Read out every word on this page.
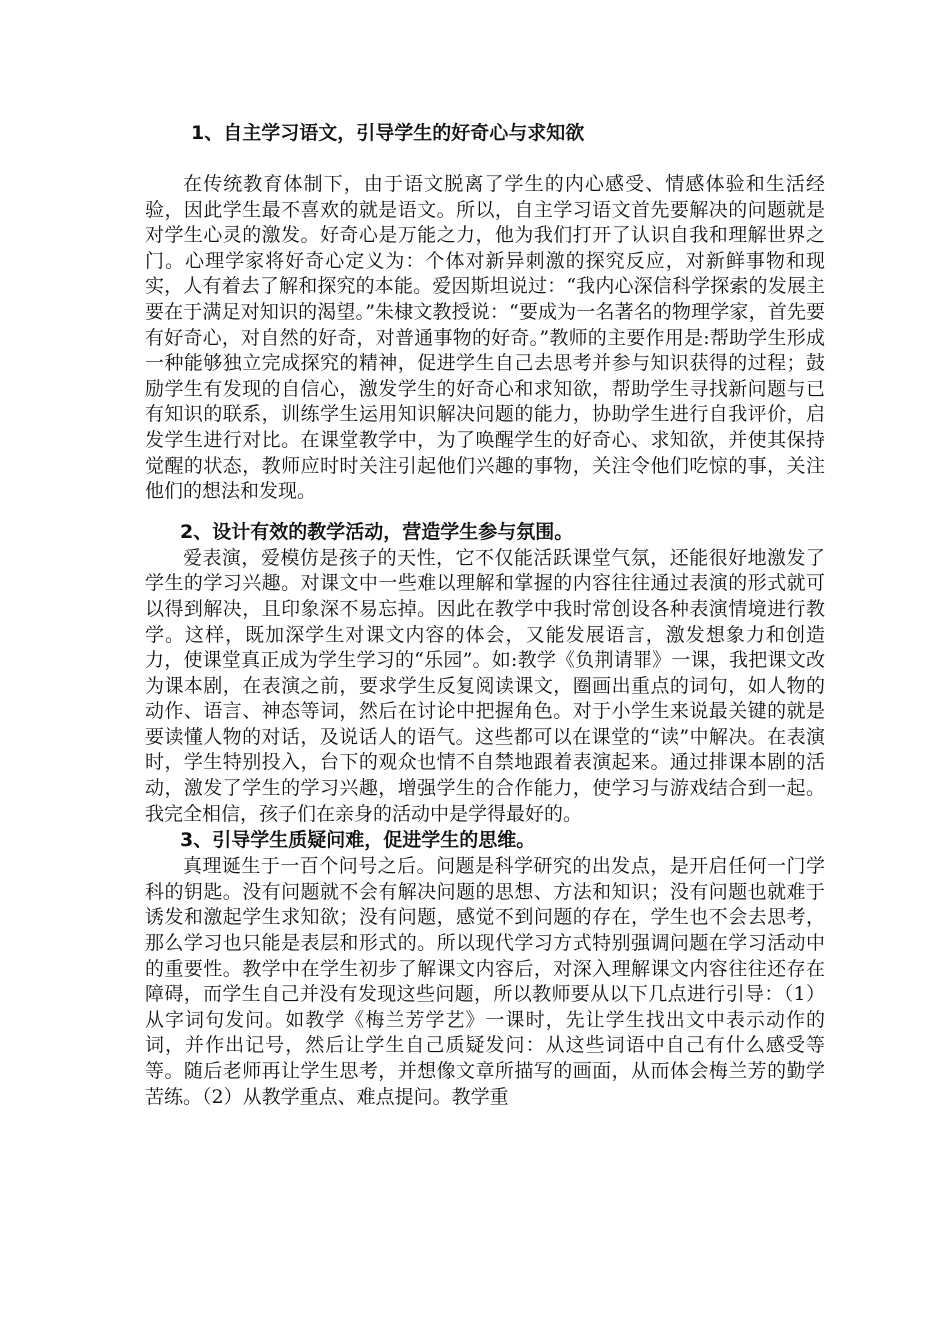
1、自主学习语文，引导学生的好奇心与求知欲

在传统教育体制下，由于语文脱离了学生的内心感受、情感体验和生活经验，因此学生最不喜欢的就是语文。所以，自主学习语文首先要解决的问题就是对学生心灵的激发。好奇心是万能之力，他为我们打开了认识自我和理解世界之门。心理学家将好奇心定义为：个体对新异刺激的探究反应，对新鲜事物和现实，人有着去了解和探究的本能。爱因斯坦说过：“我内心深信科学探索的发展主要在于满足对知识的渴望。”朱棣文教授说：“要成为一名著名的物理学家，首先要有好奇心，对自然的好奇，对普通事物的好奇。”教师的主要作用是:帮助学生形成一种能够独立完成探究的精神，促进学生自己去思考并参与知识获得的过程；鼓励学生有发现的自信心，激发学生的好奇心和求知欲，帮助学生寻找新问题与已有知识的联系，训练学生运用知识解决问题的能力，协助学生进行自我评价，启发学生进行对比。在课堂教学中，为了唤醒学生的好奇心、求知欲，并使其保持觉醒的状态，教师应时时关注引起他们兴趣的事物，关注令他们吃惊的事，关注他们的想法和发现。

2、设计有效的教学活动，营造学生参与氛围。

爱表演，爱模仿是孩子的天性，它不仅能活跃课堂气氛，还能很好地激发了学生的学习兴趣。对课文中一些难以理解和掌握的内容往往通过表演的形式就可以得到解决，且印象深不易忘掉。因此在教学中我时常创设各种表演情境进行教学。这样，既加深学生对课文内容的体会，又能发展语言，激发想象力和创造力，使课堂真正成为学生学习的“乐园”。如:教学《负荆请罪》一课，我把课文改为课本剧，在表演之前，要求学生反复阅读课文，圈画出重点的词句，如人物的动作、语言、神态等词，然后在讨论中把握角色。对于小学生来说最关键的就是要读懂人物的对话，及说话人的语气。这些都可以在课堂的“读”中解决。在表演时，学生特别投入，台下的观众也情不自禁地跟着表演起来。通过排课本剧的活动，激发了学生的学习兴趣，增强学生的合作能力，使学习与游戏结合到一起。我完全相信，孩子们在亲身的活动中是学得最好的。

3、引导学生质疑问难，促进学生的思维。

真理诞生于一百个问号之后。问题是科学研究的出发点，是开启任何一门学科的钥匙。没有问题就不会有解决问题的思想、方法和知识；没有问题也就难于诱发和激起学生求知欲；没有问题，感觉不到问题的存在，学生也不会去思考，那么学习也只能是表层和形式的。所以现代学习方式特别强调问题在学习活动中的重要性。教学中在学生初步了解课文内容后，对深入理解课文内容往往还存在障碍，而学生自己并没有发现这些问题，所以教师要从以下几点进行引导：（1）从字词句发问。如教学《梅兰芳学艺》一课时，先让学生找出文中表示动作的词，并作出记号，然后让学生自己质疑发问：从这些词语中自己有什么感受等等。随后老师再让学生思考，并想像文章所描写的画面，从而体会梅兰芳的勤学苦练。（2）从教学重点、难点提问。教学重
